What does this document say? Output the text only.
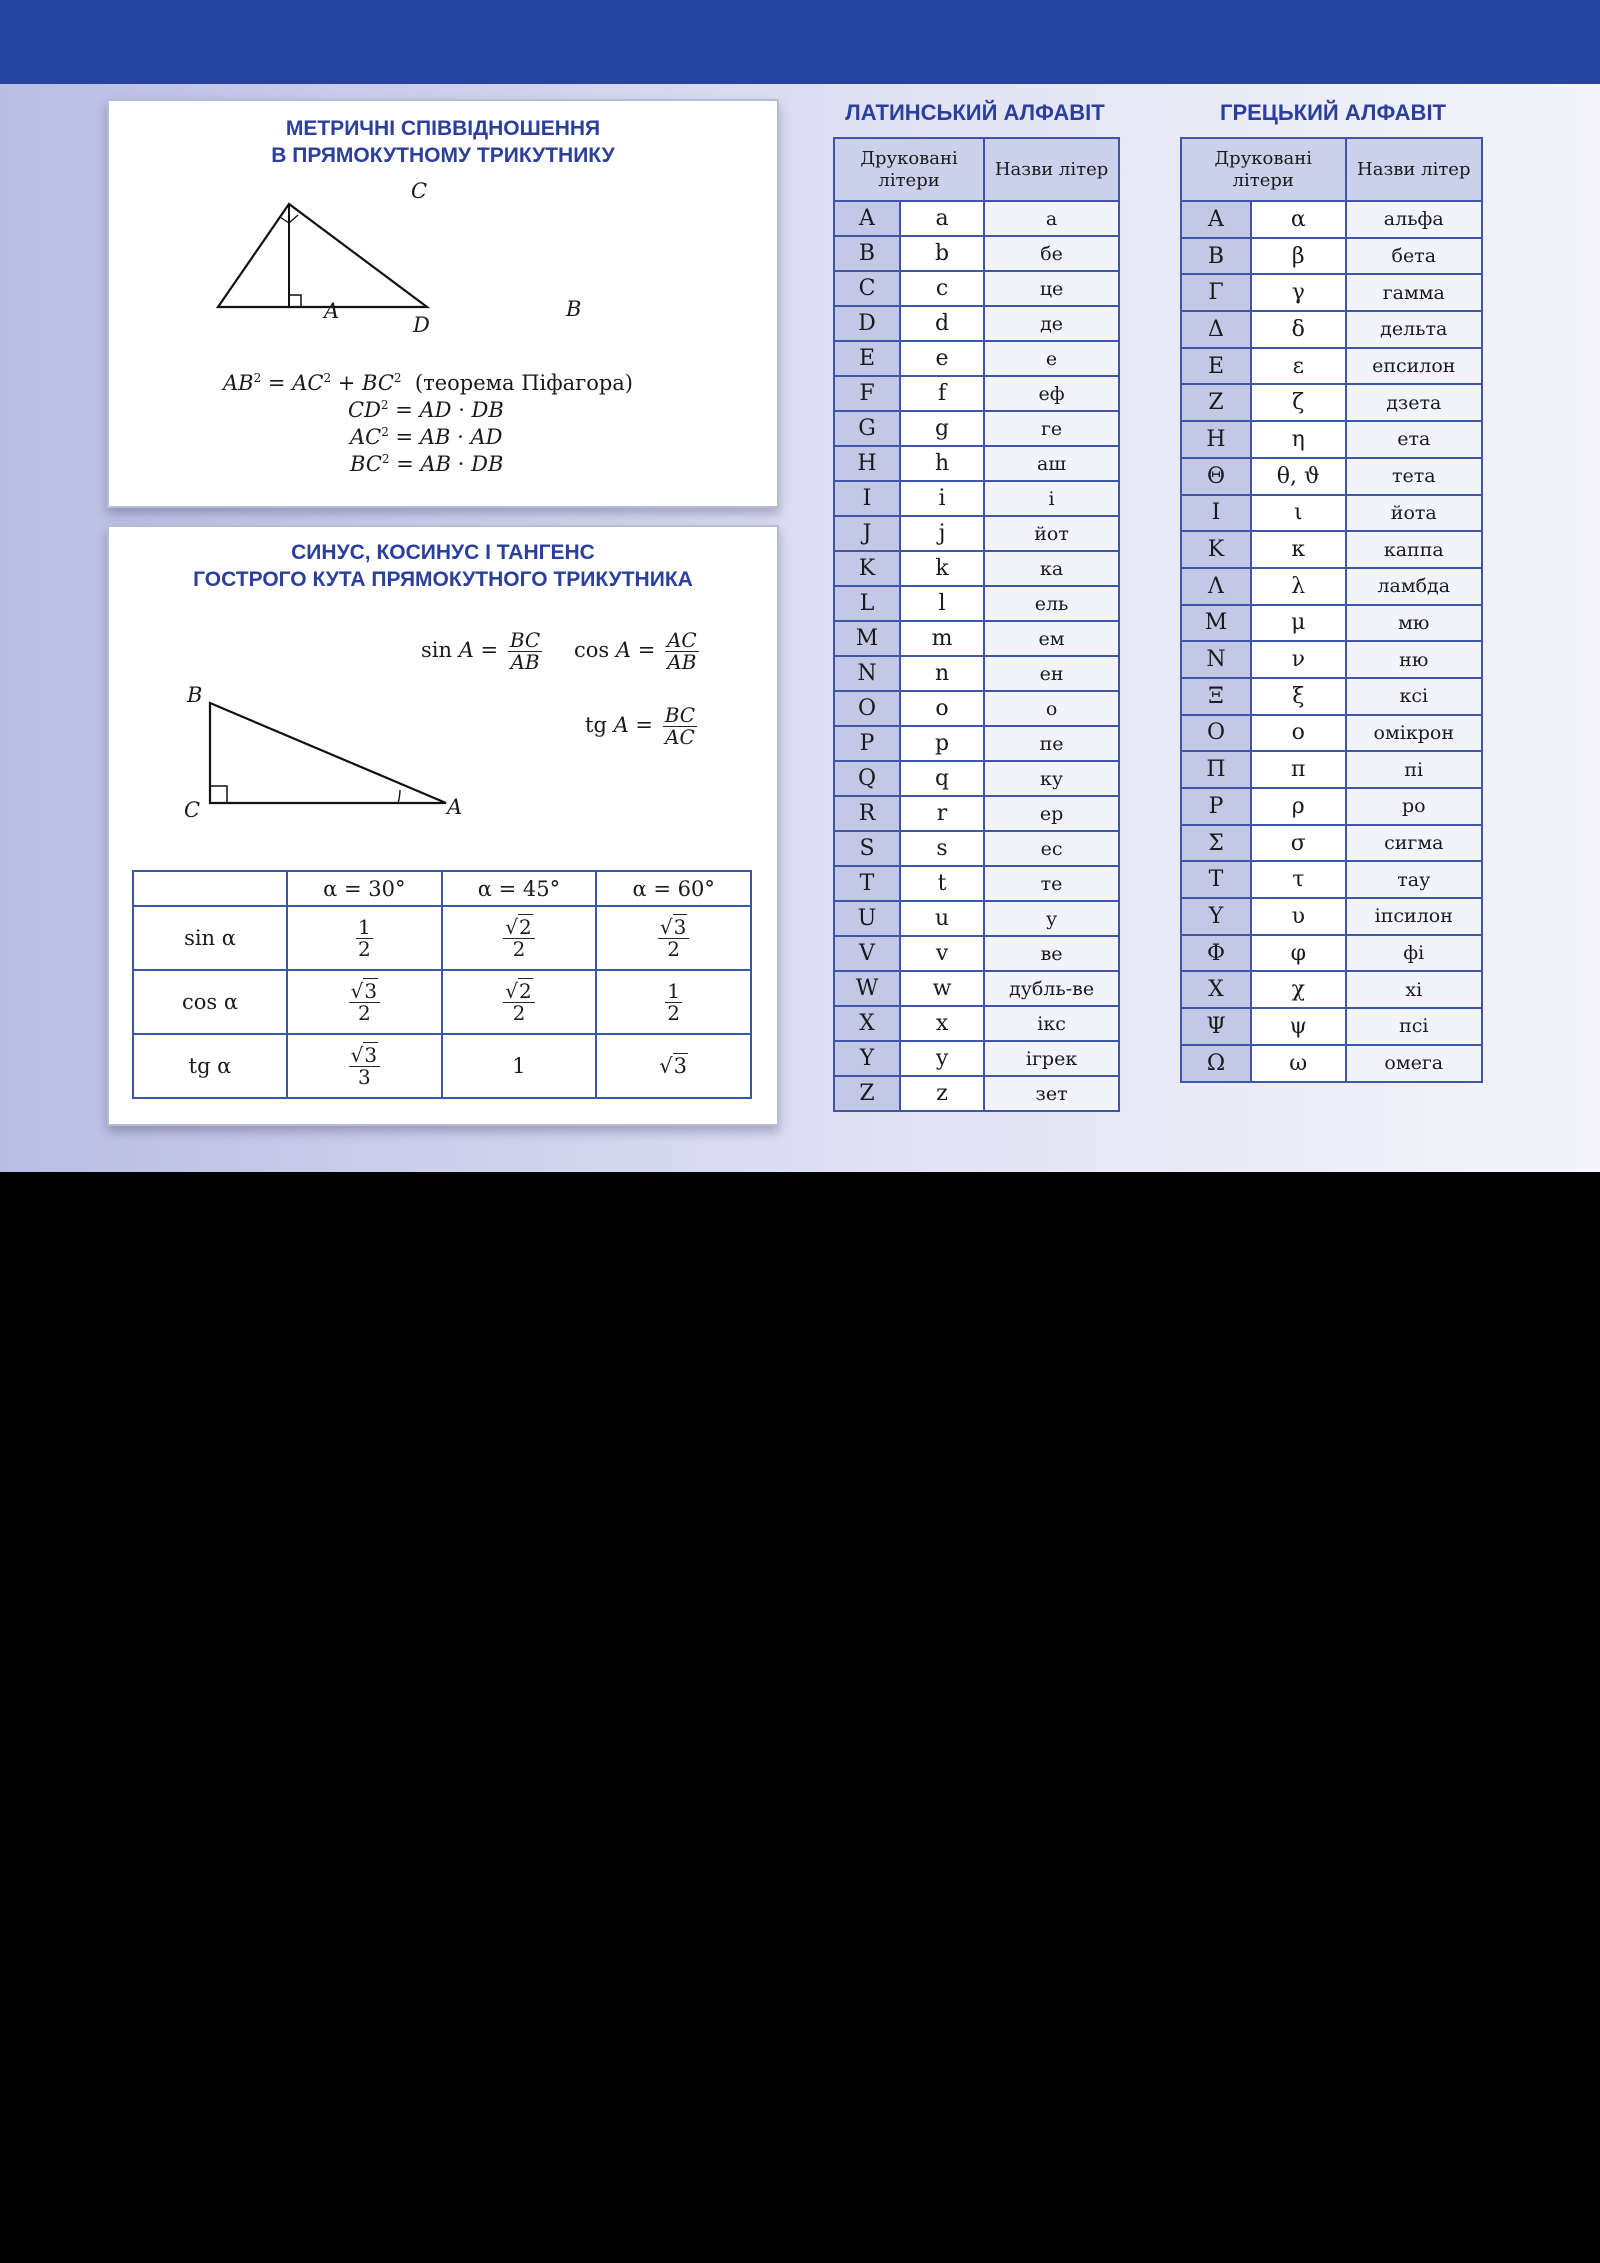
МЕТРИЧНІ СПІВВІДНОШЕННЯ
В ПРЯМОКУТНОМУ ТРИКУТНИКУ
C
A
D
B
$AB^2 = AC^2 + BC^2$ (теорема Піфагора)
$CD^2$ = AD · DB
$AC^2$ = AB · AD
$BC^2$ = AB · DB
СИНУС, КОСИНУС І ТАНГЕНС
ГОСТРОГО КУТА ПРЯМОКУТНОГО ТРИКУТНИКА
B
C	A
$\sin A = \frac{BC}{AB}$ $\cos A = \frac{AC}{AB}$
tg $A = \frac{BC}{AC}$
	α = 30°	α = 45°	α = 60°
sin α	$\frac{1}{2}$	$\frac{√2}{2}$	$\frac{√3}{2}$

cos α	$\frac{√3}{2}$	$\frac{√2}{2}$	$\frac{1}{2}$

tg α	$\frac{√3}{3}$	1	√3
ЛАТИНСЬКИЙ АЛФАВІТ
Друковані літери		Назви літер
A	a	а
B	b	бе
C	c	це
D	d	де
E	e	е
F	f	еф
G	g	ге
H	h	аш
I	i	і
J	j	йот
K	k	ка
L	l	ель
M	m	ем
N	n	ен
O	o	о
P	p	пе
Q	q	ку
R	r	ер
S	s	ес
T	t	те
U	u	у
V	v	ве
W	w	дубль-ве
X	x	ікс
Y	y	ігрек
Z	z	зет
ГРЕЦЬКИЙ АЛФАВІТ
Друковані літери		Назви літер
Α	α	альфа
Β	β	бета
Γ	γ	гамма
Δ	δ	дельта
Ε	ε	епсилон
Ζ	ζ	дзета
Η	η	ета
Θ	θ, ϑ	тета
Ι	ι	йота
Κ	κ	каппа
Λ	λ	ламбда
Μ	μ	мю
Ν	ν	ню
Ξ	ξ	ксі
Ο	ο	омікрон
Π	π	пі
Ρ	ρ	ро
Σ	σ	сигма
Τ	τ	тау
Υ	υ	іпсилон
Φ	φ	фі
Χ	χ	хі
Ψ	ψ	псі
Ω	ω	омега
